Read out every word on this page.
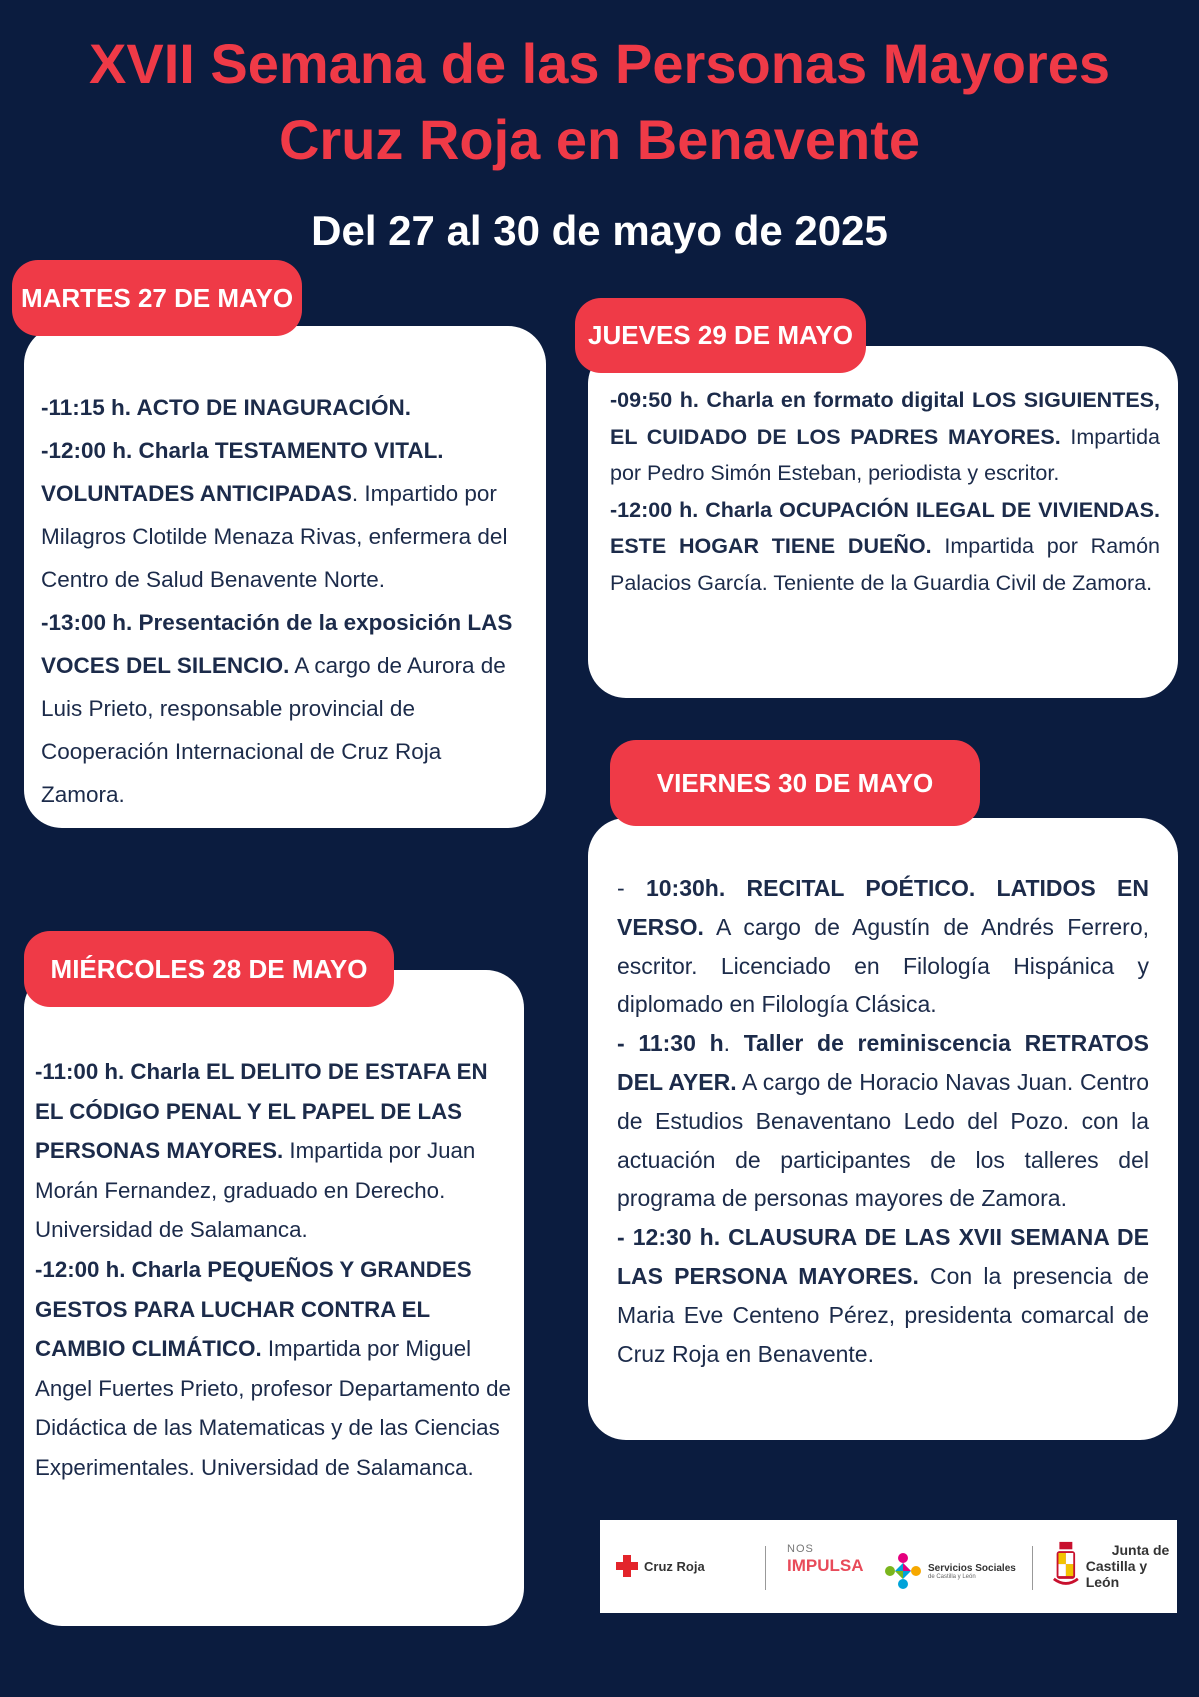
XVII Semana de las Personas Mayores
Cruz Roja en Benavente
Del 27 al 30 de mayo de 2025

-11:15 h. ACTO DE INAGURACIÓN.

-12:00 h. Charla TESTAMENTO VITAL. VOLUNTADES ANTICIPADAS. Impartido por Milagros Clotilde Menaza Rivas, enfermera del Centro de Salud Benavente Norte.

-13:00 h. Presentación de la exposición LAS VOCES DEL SILENCIO. A cargo de Aurora de Luis Prieto, responsable provincial de Cooperación Internacional de Cruz Roja Zamora.

MARTES 27 DE MAYO

-09:50 h. Charla en formato digital LOS SIGUIENTES, EL CUIDADO DE LOS PADRES MAYORES. Impartida por Pedro Simón Esteban, periodista y escritor.

-12:00 h. Charla OCUPACIÓN ILEGAL DE VIVIENDAS. ESTE HOGAR TIENE DUEÑO. Impartida por Ramón Palacios García. Teniente de la Guardia Civil de Zamora.

JUEVES 29 DE MAYO

- 10:30h. RECITAL POÉTICO. LATIDOS EN VERSO. A cargo de Agustín de Andrés Ferrero, escritor. Licenciado en Filología Hispánica y diplomado en Filología Clásica.

- 11:30 h. Taller de reminiscencia RETRATOS DEL AYER. A cargo de Horacio Navas Juan. Centro de Estudios Benaventano Ledo del Pozo. con la actuación de participantes de los talleres del programa de personas mayores de Zamora.

- 12:30 h. CLAUSURA DE LAS XVII SEMANA DE LAS PERSONA MAYORES. Con la presencia de Maria Eve Centeno Pérez, presidenta comarcal de Cruz Roja en Benavente.

VIERNES 30 DE MAYO

-11:00 h. Charla EL DELITO DE ESTAFA EN EL CÓDIGO PENAL Y EL PAPEL DE LAS PERSONAS MAYORES. Impartida por Juan Morán Fernandez, graduado en Derecho. Universidad de Salamanca.

-12:00 h. Charla PEQUEÑOS Y GRANDES GESTOS PARA LUCHAR CONTRA EL CAMBIO CLIMÁTICO. Impartida por Miguel Angel Fuertes Prieto, profesor Departamento de Didáctica de las Matematicas y de las Ciencias Experimentales. Universidad de Salamanca.

MIÉRCOLES 28 DE MAYO
Cruz Roja
NOS
IMPULSA	Servicios Sociales
de Castilla y León
Junta de
Castilla y León
